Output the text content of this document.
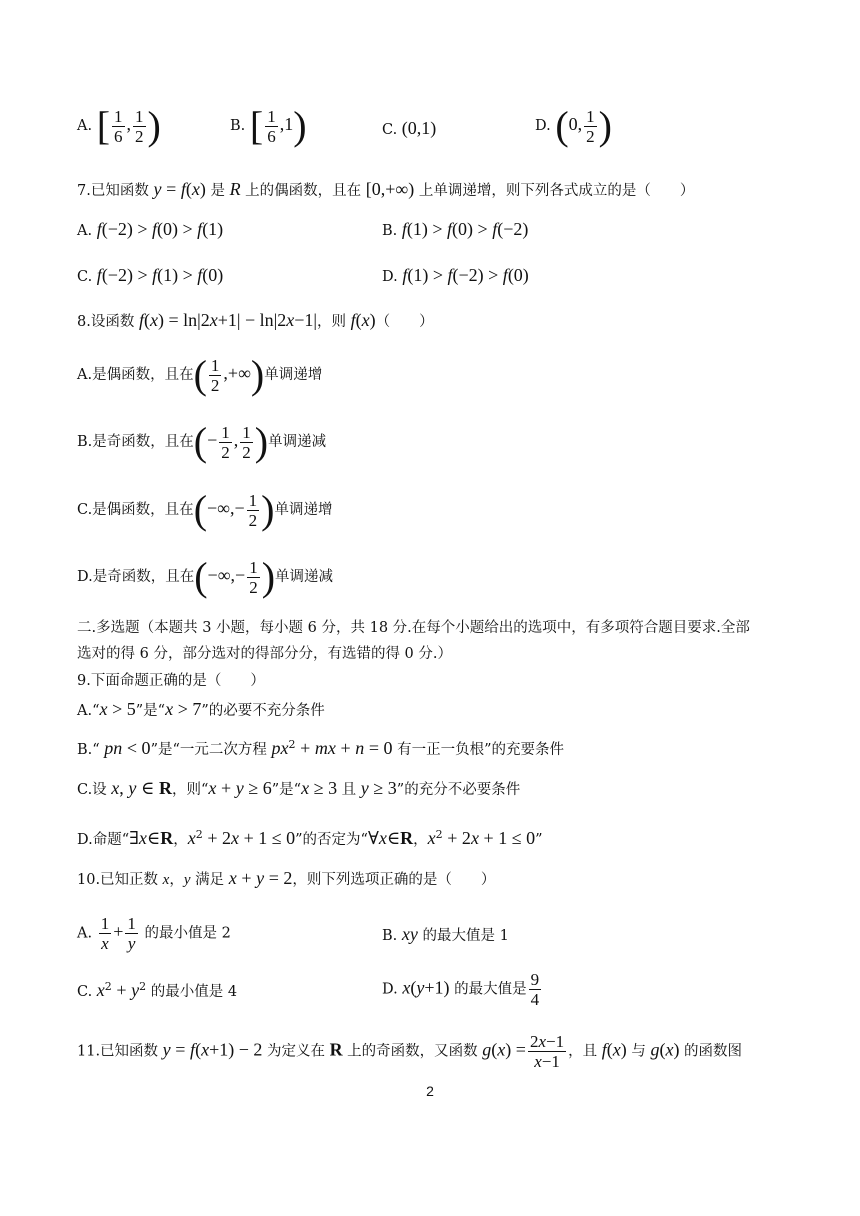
A. [ $\frac{1}{6}$ , $\frac{1}{2}$ )	B. [ $\frac{1}{6} ,1$)	C. (0,1)	D. (0, $\frac{1}{2}$ )
7.已知函数 y = f(x) 是 R 上的偶函数，且在 [0,+∞) 上单调递增，则下列各式成立的是（　　）
A. f(−2) > f(0) > f(1)	B. f(1) > f(0) > f(−2)
C. f(−2) > f(1) > f(0)	D. f(1) > f(−2) > f(0)
8.设函数 f(x) = ln|2x+1| − ln|2x−1|，则 f(x)（　　）
A.是偶函数，且在( $\frac{1}{2}$ ,+∞)单调递增
B.是奇函数，且在(− $\frac{1}{2}$ , $\frac{1}{2}$ )单调递减
C.是偶函数，且在(−∞,− $\frac{1}{2}$ )单调递增
D.是奇函数，且在(−∞,− $\frac{1}{2}$ )单调递减
二.多选题（本题共 3 小题，每小题 6 分，共 18 分.在每个小题给出的选项中，有多项符合题目要求.全部
选对的得 6 分，部分选对的得部分分，有选错的得 0 分.）
9.下面命题正确的是（　　）
A.“x > 5”是“x > 7”的必要不充分条件
B.“ pn < 0”是“一元二次方程 $px^2$ + mx + n = 0 有一正一负根”的充要条件
C.设 x, y ∈ R，则“x + y ≥ 6”是“x ≥ 3 且 y ≥ 3”的充分不必要条件
D.命题“∃x∈R，$x^2 + 2x + 1 \le 0$”的否定为“∀x∈R，$x^2 + 2x + 1 \le 0$”
10.已知正数 x，y 满足 x + y = 2，则下列选项正确的是（　　）
A. $\frac{1}{x} + \frac{1}{y}$ 的最小值是 2	B. xy 的最大值是 1
C. $x^2 + y^2$ 的最小值是 4	D. x(y+1) 的最大值是 $\frac{9}{4}$
11.已知函数 y = f(x+1) − 2 为定义在 R 上的奇函数，又函数 $g(x) = \frac{2x-1}{x-1}$ ，且 f(x) 与 g(x) 的函数图
2
